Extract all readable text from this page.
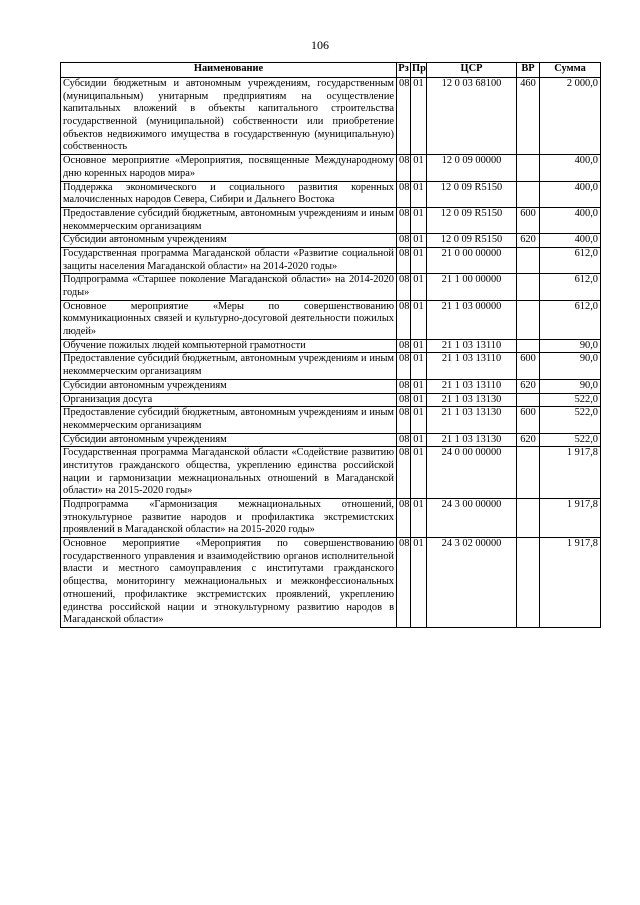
106
Наименование	Рз	Пр	ЦСР	ВР	Сумма
Субсидии бюджетным и автономным учреждениям, государственным (муниципальным) унитарным предприятиям на осуществление капитальных вложений в объекты капитального строительства государственной (муниципальной) собственности или приобретение объектов недвижимого имущества в государственную (муниципальную) собственность	08	01	12 0 03 68100	460	2 000,0
Основное мероприятие «Мероприятия, посвященные Международному дню коренных народов мира»	08	01	12 0 09 00000		400,0
Поддержка экономического и социального развития коренных малочисленных народов Севера, Сибири и Дальнего Востока	08	01	12 0 09 R5150		400,0
Предоставление субсидий бюджетным, автономным учреждениям и иным некоммерческим организациям	08	01	12 0 09 R5150	600	400,0
Субсидии автономным учреждениям	08	01	12 0 09 R5150	620	400,0
Государственная программа Магаданской области «Развитие социальной защиты населения Магаданской области» на 2014-2020 годы»	08	01	21 0 00 00000		612,0
Подпрограмма «Старшее поколение Магаданской области» на 2014-2020 годы»	08	01	21 1 00 00000		612,0
Основное мероприятие «Меры по совершенствованию коммуникационных связей и культурно-досуговой деятельности пожилых людей»	08	01	21 1 03 00000		612,0
Обучение пожилых людей компьютерной грамотности	08	01	21 1 03 13110		90,0
Предоставление субсидий бюджетным, автономным учреждениям и иным некоммерческим организациям	08	01	21 1 03 13110	600	90,0
Субсидии автономным учреждениям	08	01	21 1 03 13110	620	90,0
Организация досуга	08	01	21 1 03 13130		522,0
Предоставление субсидий бюджетным, автономным учреждениям и иным некоммерческим организациям	08	01	21 1 03 13130	600	522,0
Субсидии автономным учреждениям	08	01	21 1 03 13130	620	522,0
Государственная программа Магаданской области «Содействие развитию институтов гражданского общества, укреплению единства российской нации и гармонизации межнациональных отношений в Магаданской области» на 2015-2020 годы»	08	01	24 0 00 00000		1 917,8
Подпрограмма «Гармонизация межнациональных отношений, этнокультурное развитие народов и профилактика экстремистских проявлений в Магаданской области» на 2015-2020 годы»	08	01	24 3 00 00000		1 917,8
Основное мероприятие «Мероприятия по совершенствованию государственного управления и взаимодействию органов исполнительной власти и местного самоуправления с институтами гражданского общества, мониторингу межнациональных и межконфессиональных отношений, профилактике экстремистских проявлений, укреплению единства российской нации и этнокультурному развитию народов в Магаданской области»	08	01	24 3 02 00000		1 917,8
